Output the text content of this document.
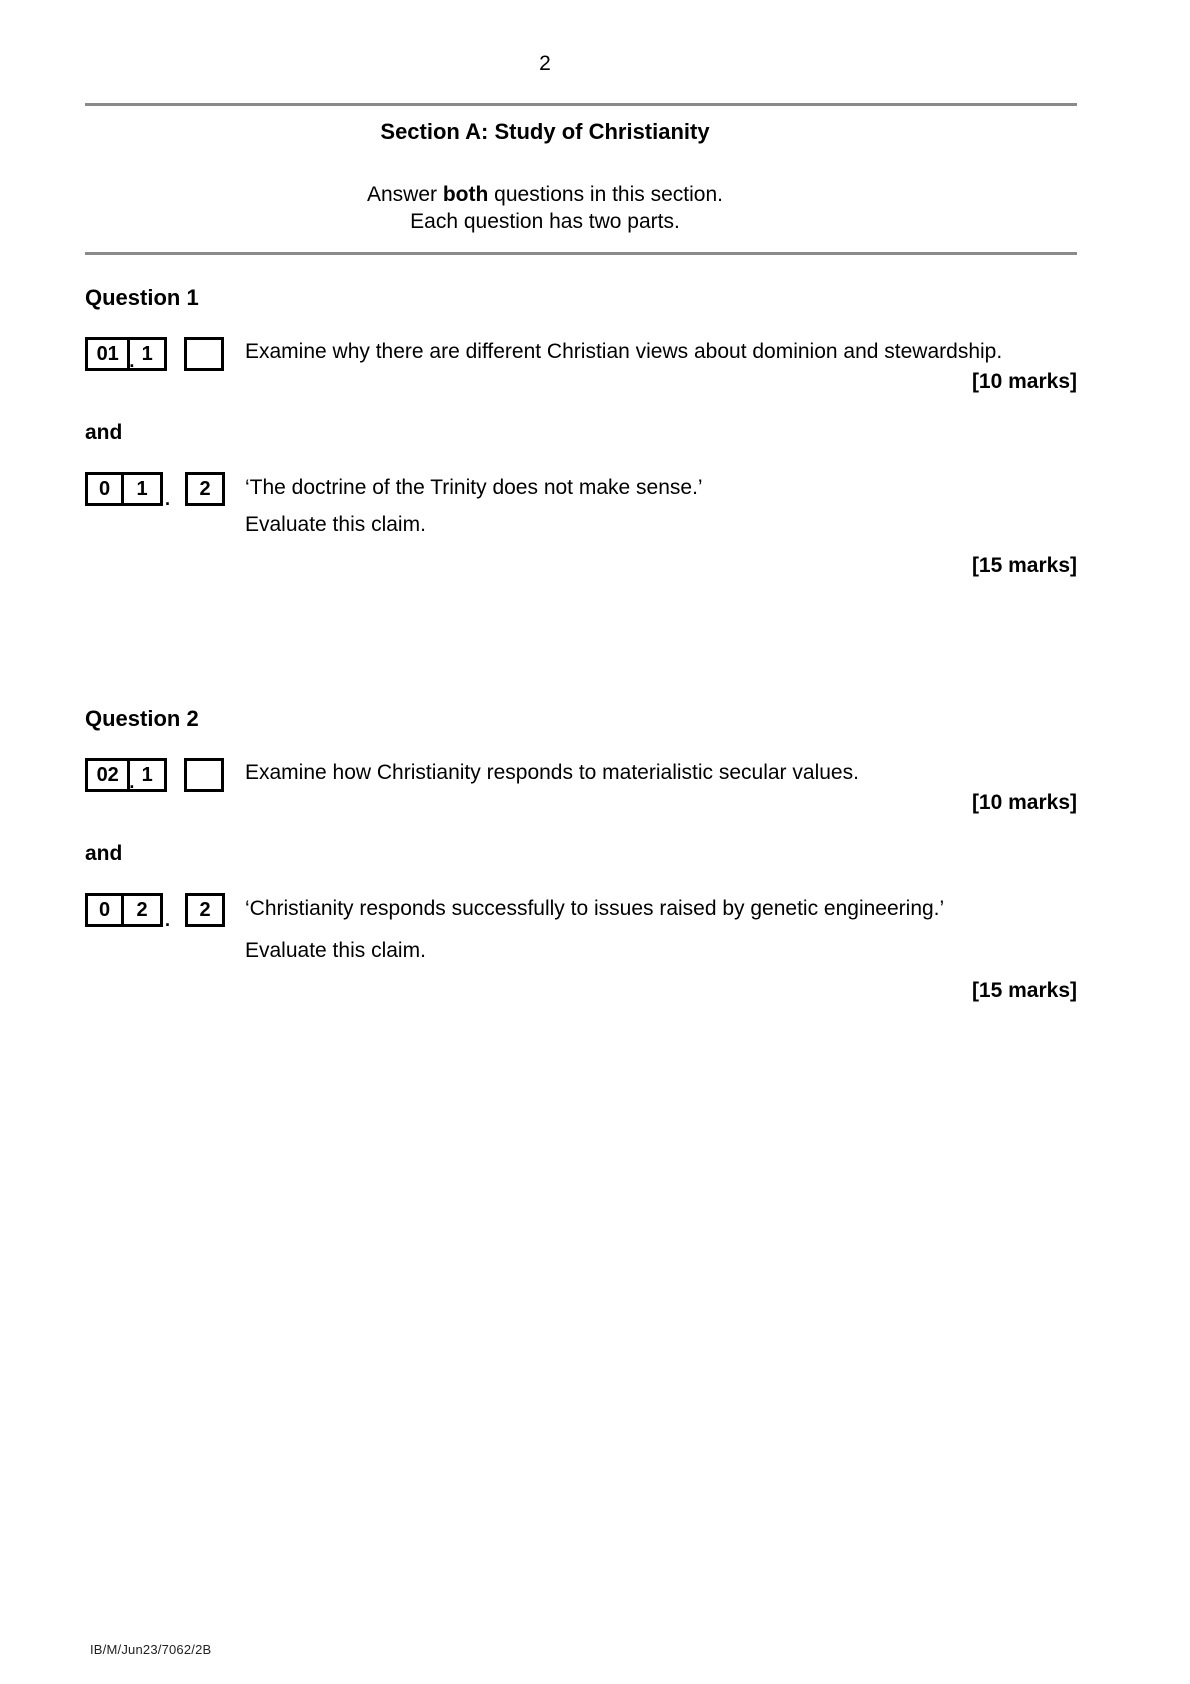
2
Section A: Study of Christianity
Answer both questions in this section.
Each question has two parts.
Question 1
01 . 1	Examine why there are different Christian views about dominion and stewardship.
[10 marks]
and
0	1 .	2	‘The doctrine of the Trinity does not make sense.’
Evaluate this claim.
[15 marks]
Question 2
02 . 1	Examine how Christianity responds to materialistic secular values.
[10 marks]
and
0	2 .	2	‘Christianity responds successfully to issues raised by genetic engineering.’
Evaluate this claim.
[15 marks]
IB/M/Jun23/7062/2B
